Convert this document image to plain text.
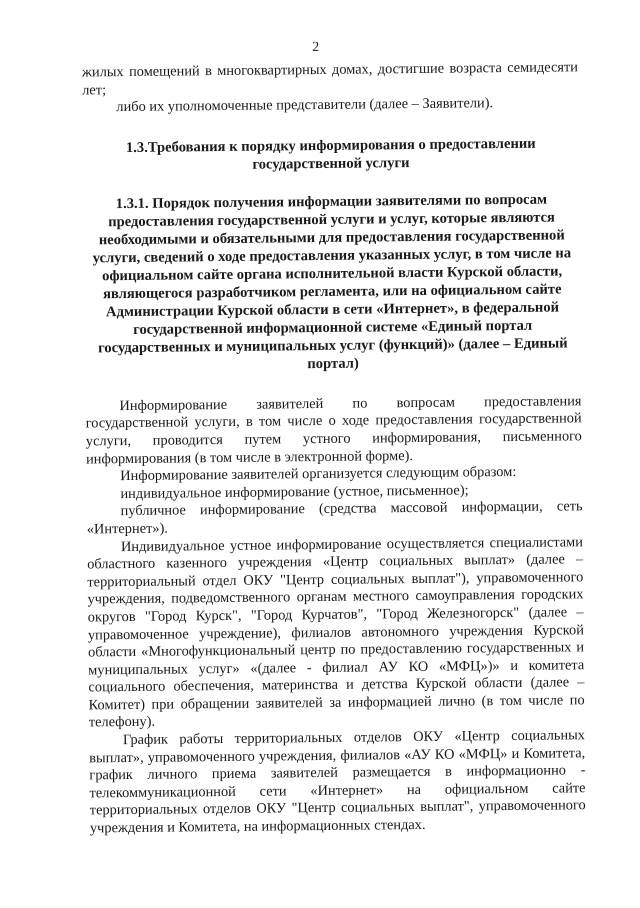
2

жилых помещений в многоквартирных домах, достигшие возраста семидесяти лет;

либо их уполномоченные представители (далее – Заявители).

1.3.Требования к порядку информирования о предоставлении государственной услуги

1.3.1. Порядок получения информации заявителями по вопросам предоставления государственной услуги и услуг, которые являются необходимыми и обязательными для предоставления государственной услуги, сведений о ходе предоставления указанных услуг, в том числе на официальном сайте органа исполнительной власти Курской области, являющегося разработчиком регламента, или на официальном сайте Администрации Курской области в сети «Интернет», в федеральной государственной информационной системе «Единый портал государственных и муниципальных услуг (функций)» (далее – Единый портал)

Информирование заявителей по вопросам предоставления государственной услуги, в том числе о ходе предоставления государственной услуги, проводится путем устного информирования, письменного информирования (в том числе в электронной форме).

Информирование заявителей организуется следующим образом:

индивидуальное информирование (устное, письменное);

публичное информирование (средства массовой информации, сеть «Интернет»).

Индивидуальное устное информирование осуществляется специалистами областного казенного учреждения «Центр социальных выплат» (далее – территориальный отдел ОКУ "Центр социальных выплат"), управомоченного учреждения, подведомственного органам местного самоуправления городских округов "Город Курск", "Город Курчатов", "Город Железногорск" (далее – управомоченное учреждение), филиалов автономного учреждения Курской области «Многофункциональный центр по предоставлению государственных и муниципальных услуг» «(далее - филиал АУ КО «МФЦ»)» и комитета социального обеспечения, материнства и детства Курской области (далее – Комитет) при обращении заявителей за информацией лично (в том числе по телефону).

График работы территориальных отделов ОКУ «Центр социальных выплат», управомоченного учреждения, филиалов «АУ КО «МФЦ» и Комитета, график личного приема заявителей размещается в информационно - телекоммуникационной сети «Интернет» на официальном сайте территориальных отделов ОКУ "Центр социальных выплат", управомоченного учреждения и Комитета, на информационных стендах.
